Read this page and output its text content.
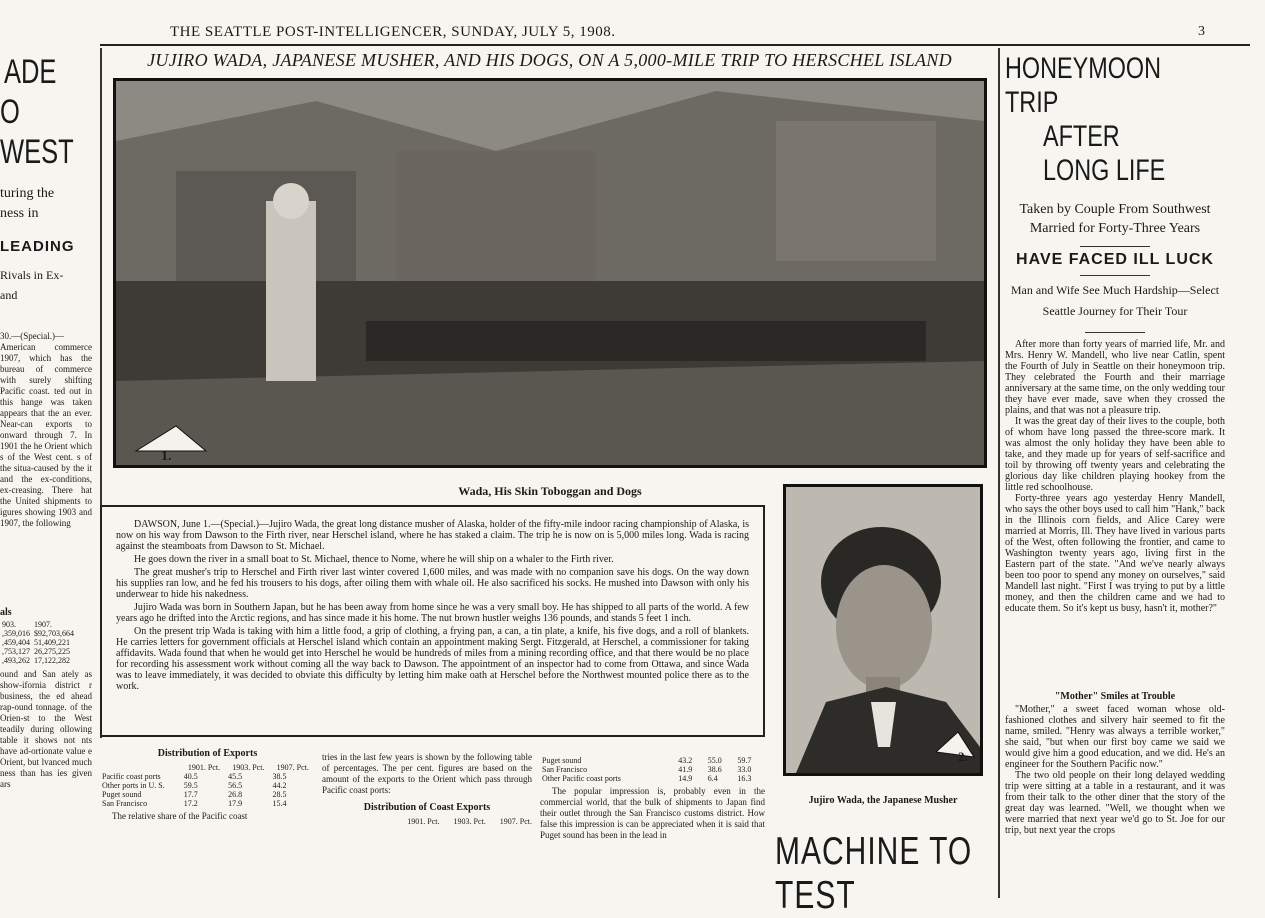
THE SEATTLE POST-INTELLIGENCER, SUNDAY, JULY 5, 1908.	3
JUJIRO WADA, JAPANESE MUSHER, AND HIS DOGS, ON A 5,000-MILE TRIP TO HERSCHEL ISLAND
1.
Wada, His Skin Toboggan and Dogs

DAWSON, June 1.—(Special.)—Jujiro Wada, the great long distance musher of Alaska, holder of the fifty-mile indoor racing championship of Alaska, is now on his way from Dawson to the Firth river, near Herschel island, where he has staked a claim. The trip he is now on is 5,000 miles long. Wada is racing against the steamboats from Dawson to St. Michael.

He goes down the river in a small boat to St. Michael, thence to Nome, where he will ship on a whaler to the Firth river.

The great musher's trip to Herschel and Firth river last winter covered 1,600 miles, and was made with no companion save his dogs. On the way down his supplies ran low, and he fed his trousers to his dogs, after oiling them with whale oil. He also sacrificed his socks. He mushed into Dawson with only his underwear to hide his nakedness.

Jujiro Wada was born in Southern Japan, but he has been away from home since he was a very small boy. He has shipped to all parts of the world. A few years ago he drifted into the Arctic regions, and has since made it his home. The nut brown hustler weighs 136 pounds, and stands 5 feet 1 inch.

On the present trip Wada is taking with him a little food, a grip of clothing, a frying pan, a can, a tin plate, a knife, his five dogs, and a roll of blankets. He carries letters for government officials at Herschel island which contain an appointment making Sergt. Fitzgerald, at Herschel, a commissioner for taking affidavits. Wada found that when he would get into Herschel he would be hundreds of miles from a mining recording office, and that there would be no place for recording his assessment work without coming all the way back to Dawson. The appointment of an inspector had to come from Ottawa, and since Wada was to leave immediately, it was decided to obviate this difficulty by letting him make oath at Herschel before the Northwest mounted police there as to the work.

Distribution of Exports
	1901. Pct.	1903. Pct.	1907. Pct.
Pacific coast ports	40.5	45.5	38.5
Other ports in U. S.	59.5	56.5	44.2
Puget sound	17.7	26.8	28.5
San Francisco	17.2	17.9	15.4
The relative share of the Pacific coast
tries in the last few years is shown by the following table of percentages. The per cent. figures are based on the amount of the exports to the Orient which pass through Pacific coast ports:
Distribution of Coast Exports
1901. Pct. 1903. Pct. 1907. Pct.
Puget sound	43.2	55.0	59.7
San Francisco	41.9	38.6	33.0
Other Pacific coast ports	14.9	6.4	16.3
The popular impression is, probably even in the commercial world, that the bulk of shipments to Japan find their outlet through the San Francisco customs district. How false this impression is can be appreciated when it is said that Puget sound has been in the lead in
2.
Jujiro Wada, the Japanese Musher
MACHINE TO TEST
HONEYMOON TRIP
AFTER LONG LIFE
Taken by Couple From Southwest Married for Forty-Three Years
HAVE FACED ILL LUCK
Man and Wife See Much Hardship—Select Seattle Journey for Their Tour

After more than forty years of married life, Mr. and Mrs. Henry W. Mandell, who live near Catlin, spent the Fourth of July in Seattle on their honeymoon trip. They celebrated the Fourth and their marriage anniversary at the same time, on the only wedding tour they have ever made, save when they crossed the plains, and that was not a pleasure trip.

It was the great day of their lives to the couple, both of whom have long passed the three-score mark. It was almost the only holiday they have been able to take, and they made up for years of self-sacrifice and toil by throwing off twenty years and celebrating the glorious day like children playing hookey from the little red schoolhouse.

Forty-three years ago yesterday Henry Mandell, who says the other boys used to call him "Hank," back in the Illinois corn fields, and Alice Carey were married at Morris, Ill. They have lived in various parts of the West, often following the frontier, and came to Washington twenty years ago, living first in the Eastern part of the state. "And we've nearly always been too poor to spend any money on ourselves," said Mandell last night. "First I was trying to put by a little money, and then the children came and we had to educate them. So it's kept us busy, hasn't it, mother?"

"Mother" Smiles at Trouble

"Mother," a sweet faced woman whose old-fashioned clothes and silvery hair seemed to fit the name, smiled. "Henry was always a terrible worker," she said, "but when our first boy came we said we would give him a good education, and we did. He's an engineer for the Southern Pacific now."

The two old people on their long delayed wedding trip were sitting at a table in a restaurant, and it was from their talk to the other diner that the story of the great day was learned. "Well, we thought when we were married that next year we'd go to St. Joe for our trip, but next year the crops

ADE
O WEST
turing the
ness in
LEADING
Rivals in Ex-
and
30.—(Special.)—American commerce 1907, which has the bureau of commerce with surely shifting Pacific coast. ted out in this hange was taken appears that the an ever. Near-can exports to onward through 7. In 1901 the he Orient which s of the West cent. s of the situa-caused by the it and the ex-conditions, ex-creasing. There hat the United shipments to igures showing 1903 and 1907, the following
als
903.	1907.
,359,016	$92,703,664
,459,404	51,409,221
,753,127	26,275,225
,493,262	17,122,282
ound and San ately as show-ifornia district r business, the ed ahead rap-ound tonnage. of the Orien-st to the West teadily during ollowing table it shows not nts have ad-ortionate value e Orient, but lvanced much ness than has ies given ars
